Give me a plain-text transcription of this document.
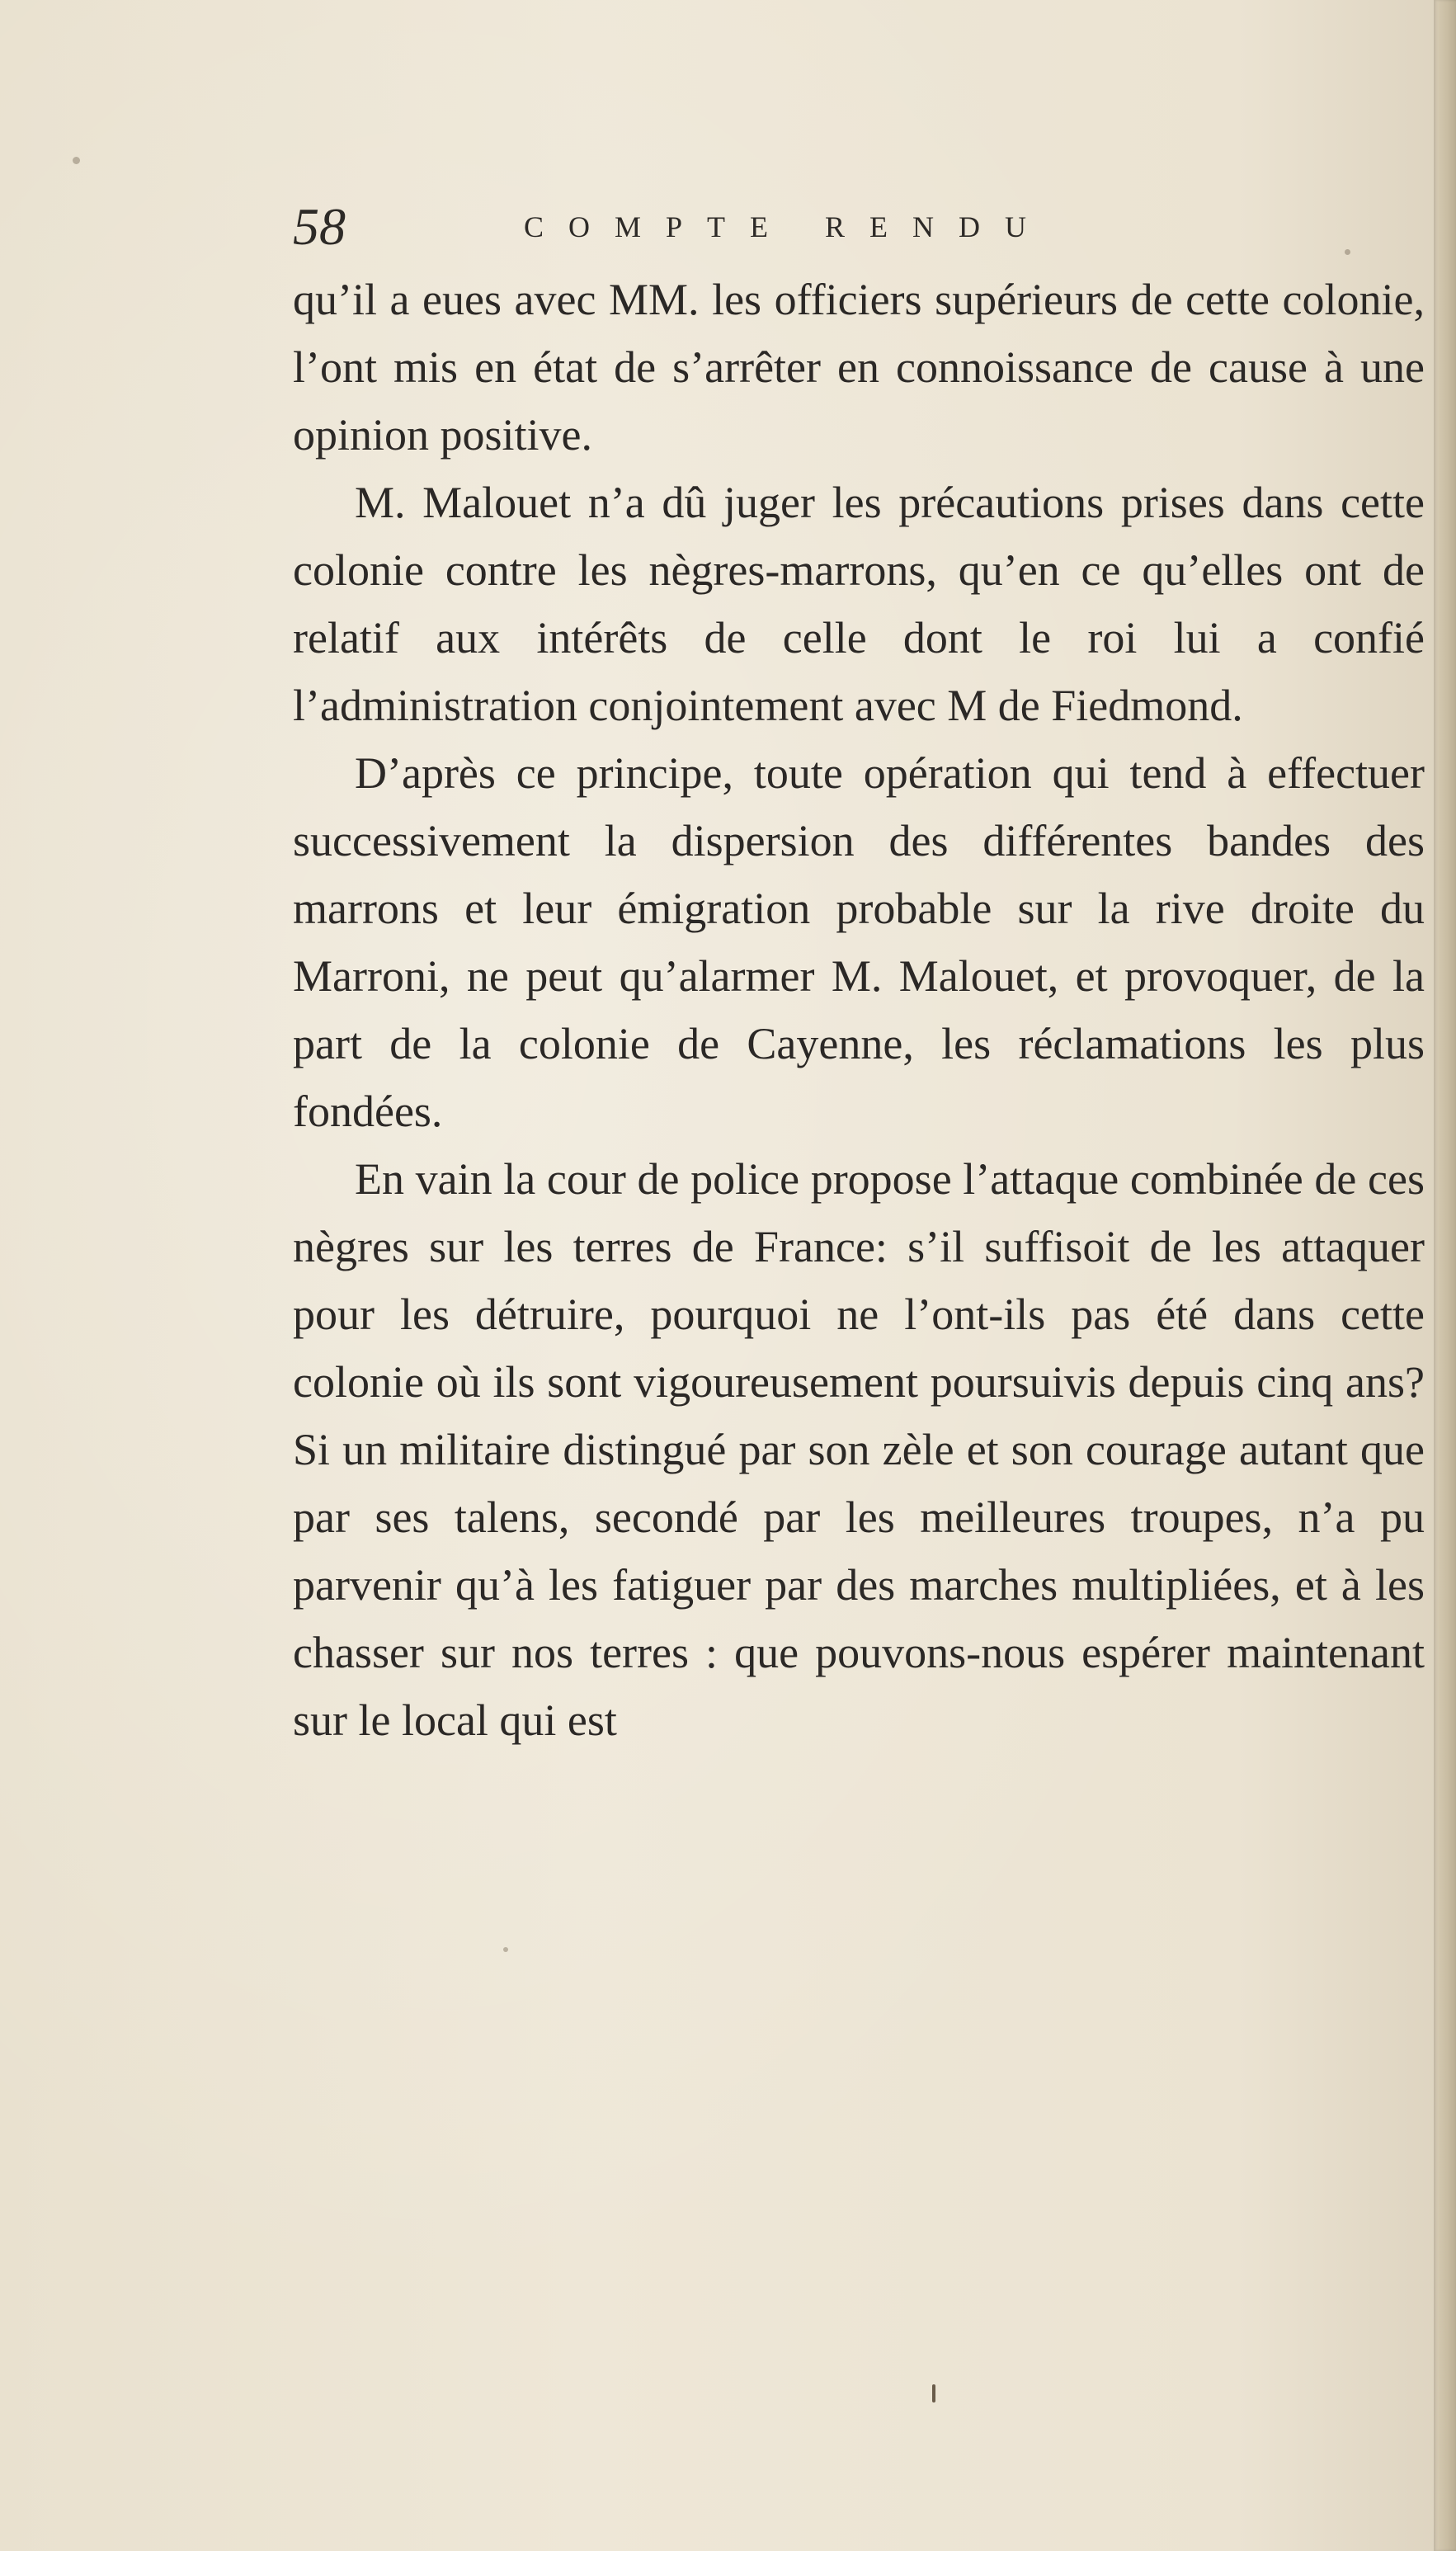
58	COMPTE RENDU

qu’il a eues avec MM. les officiers supérieurs de cette colonie, l’ont mis en état de s’arrêter en connoissance de cause à une opinion positive.

M. Malouet n’a dû juger les précautions prises dans cette colonie contre les nègres-marrons, qu’en ce qu’elles ont de relatif aux intérêts de celle dont le roi lui a confié l’administration conjointement avec M de Fiedmond.

D’après ce principe, toute opération qui tend à effectuer successivement la dispersion des différentes bandes des marrons et leur émigration probable sur la rive droite du Marroni, ne peut qu’alarmer M. Malouet, et provoquer, de la part de la colonie de Cayenne, les réclamations les plus fondées.

En vain la cour de police propose l’attaque combinée de ces nègres sur les terres de France: s’il suffisoit de les attaquer pour les détruire, pourquoi ne l’ont-ils pas été dans cette colonie où ils sont vigoureusement poursuivis depuis cinq ans? Si un militaire distingué par son zèle et son courage autant que par ses talens, secondé par les meilleures troupes, n’a pu parvenir qu’à les fatiguer par des marches multipliées, et à les chasser sur nos terres : que pouvons-nous espérer maintenant sur le local qui est
